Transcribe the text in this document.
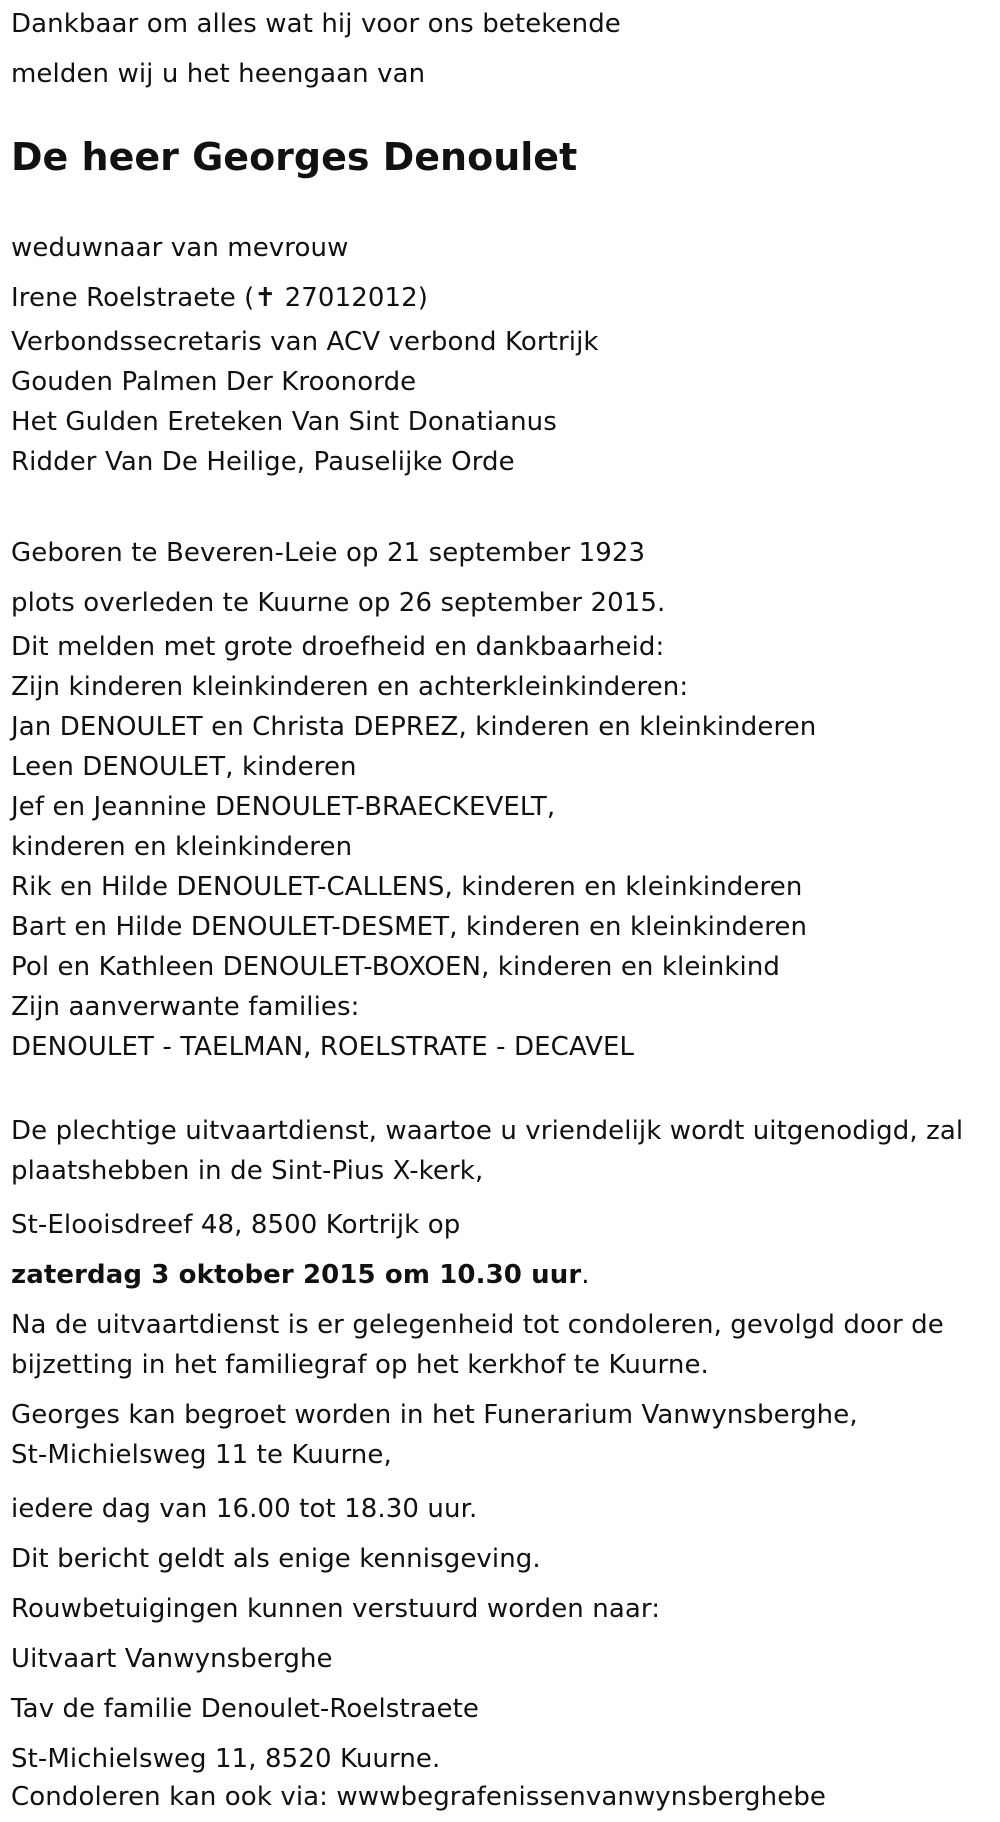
Dankbaar om alles wat hij voor ons betekende
melden wij u het heengaan van
De heer Georges Denoulet
weduwnaar van mevrouw
Irene Roelstraete (✝ 27012012)
Verbondssecretaris van ACV verbond Kortrijk
Gouden Palmen Der Kroonorde
Het Gulden Ereteken Van Sint Donatianus
Ridder Van De Heilige, Pauselijke Orde
Geboren te Beveren-Leie op 21 september 1923
plots overleden te Kuurne op 26 september 2015.
Dit melden met grote droefheid en dankbaarheid:
Zijn kinderen kleinkinderen en achterkleinkinderen:
Jan DENOULET en Christa DEPREZ, kinderen en kleinkinderen
Leen DENOULET, kinderen
Jef en Jeannine DENOULET-BRAECKEVELT,
kinderen en kleinkinderen
Rik en Hilde DENOULET-CALLENS, kinderen en kleinkinderen
Bart en Hilde DENOULET-DESMET, kinderen en kleinkinderen
Pol en Kathleen DENOULET-BOXOEN, kinderen en kleinkind
Zijn aanverwante families:
DENOULET - TAELMAN, ROELSTRATE - DECAVEL
De plechtige uitvaartdienst, waartoe u vriendelijk wordt uitgenodigd, zal
plaatshebben in de Sint-Pius X-kerk,
St-Elooisdreef 48, 8500 Kortrijk op
zaterdag 3 oktober 2015 om 10.30 uur.
Na de uitvaartdienst is er gelegenheid tot condoleren, gevolgd door de
bijzetting in het familiegraf op het kerkhof te Kuurne.
Georges kan begroet worden in het Funerarium Vanwynsberghe,
St-Michielsweg 11 te Kuurne,
iedere dag van 16.00 tot 18.30 uur.
Dit bericht geldt als enige kennisgeving.
Rouwbetuigingen kunnen verstuurd worden naar:
Uitvaart Vanwynsberghe
Tav de familie Denoulet-Roelstraete
St-Michielsweg 11, 8520 Kuurne.
Condoleren kan ook via: wwwbegrafenissenvanwynsberghebe
